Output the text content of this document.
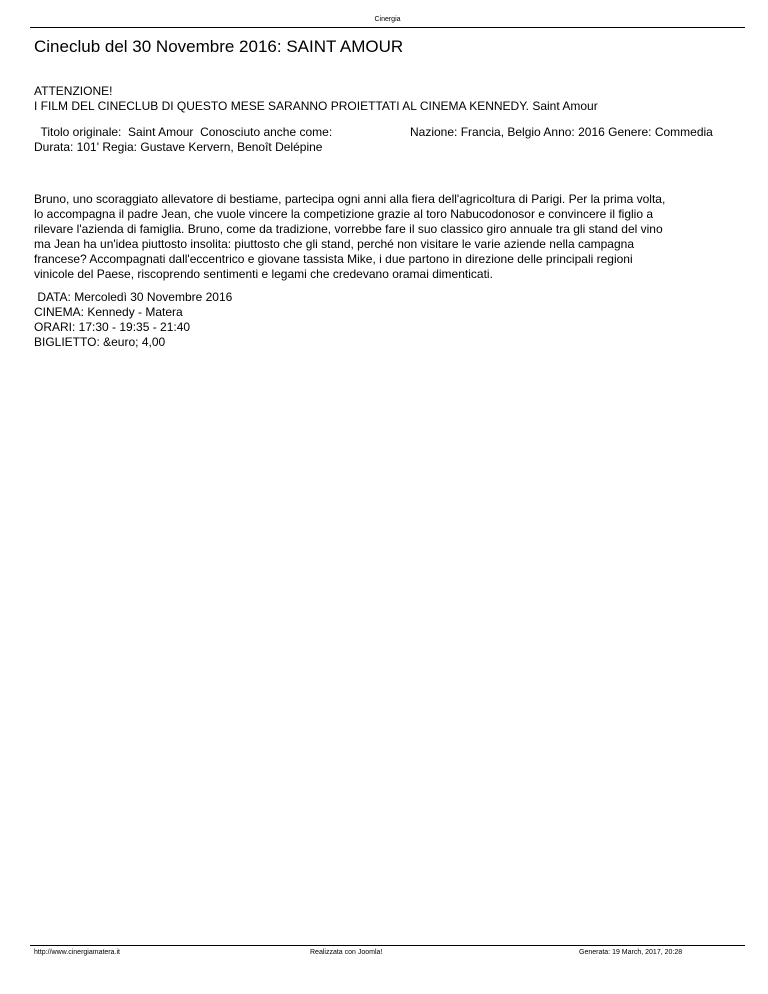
Cinergia
Cineclub del 30 Novembre 2016: SAINT AMOUR
ATTENZIONE!
I FILM DEL CINECLUB DI QUESTO MESE SARANNO PROIETTATI AL CINEMA KENNEDY. Saint Amour
Titolo originale:  Saint Amour  Conosciuto anche come:
Durata: 101' Regia: Gustave Kervern, Benoît Delépine
Nazione: Francia, Belgio Anno: 2016 Genere: Commedia
Bruno, uno scoraggiato allevatore di bestiame, partecipa ogni anni alla fiera dell'agricoltura di Parigi. Per la prima volta,
lo accompagna il padre Jean, che vuole vincere la competizione grazie al toro Nabucodonosor e convincere il figlio a
rilevare l'azienda di famiglia. Bruno, come da tradizione, vorrebbe fare il suo classico giro annuale tra gli stand del vino
ma Jean ha un'idea piuttosto insolita: piuttosto che gli stand, perché non visitare le varie aziende nella campagna
francese? Accompagnati dall'eccentrico e giovane tassista Mike, i due partono in direzione delle principali regioni
vinicole del Paese, riscoprendo sentimenti e legami che credevano oramai dimenticati.
DATA: Mercoledì 30 Novembre 2016
CINEMA: Kennedy - Matera
ORARI: 17:30 - 19:35 - 21:40
BIGLIETTO: &euro; 4,00
http://www.cinergiamatera.it	Realizzata con Joomla!	Generata: 19 March, 2017, 20:28
